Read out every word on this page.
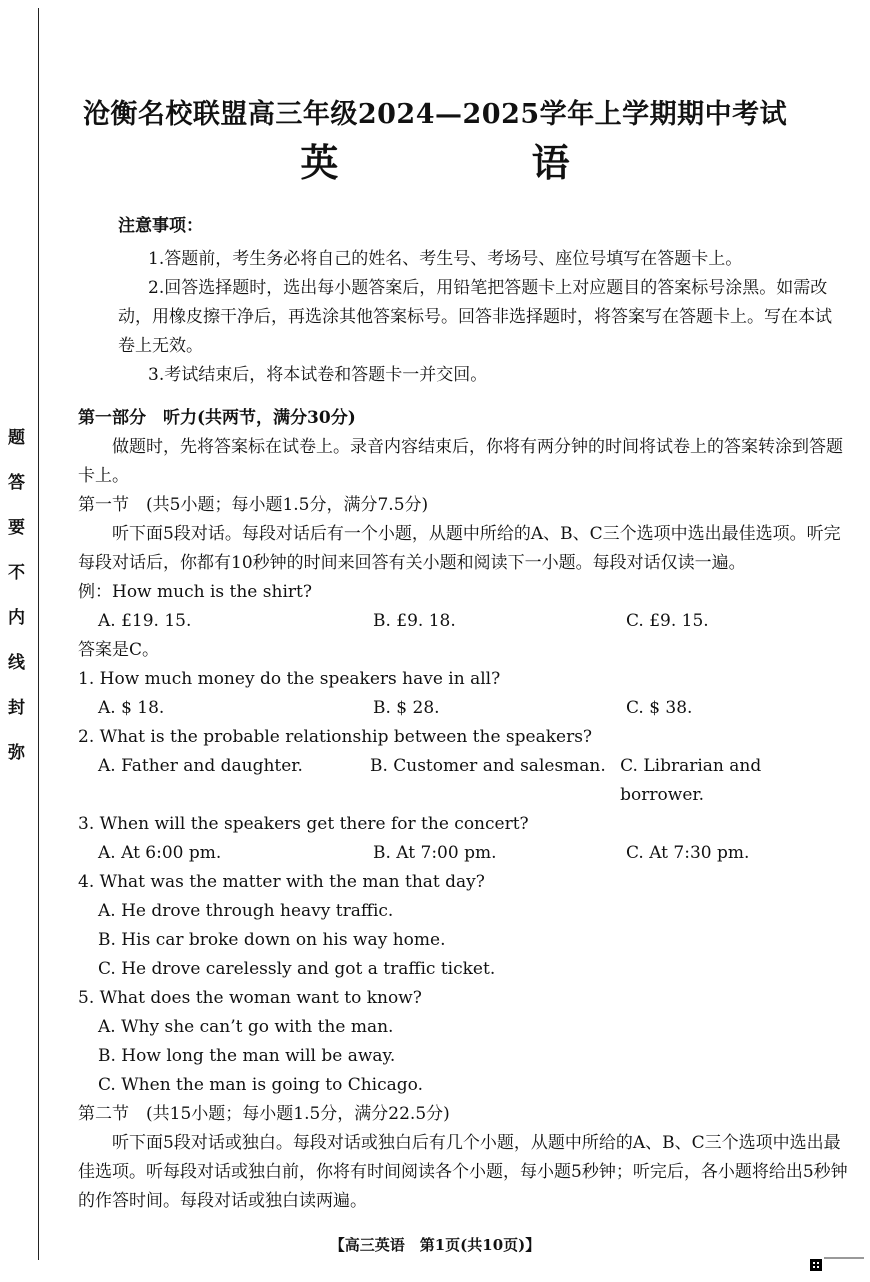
题
答
要
不
内
线
封
弥
沧衡名校联盟高三年级2024—2025学年上学期期中考试
英 语
注意事项：

1.答题前，考生务必将自己的姓名、考生号、考场号、座位号填写在答题卡上。

2.回答选择题时，选出每小题答案后，用铅笔把答题卡上对应题目的答案标号涂黑。如需改动，用橡皮擦干净后，再选涂其他答案标号。回答非选择题时，将答案写在答题卡上。写在本试卷上无效。

3.考试结束后，将本试卷和答题卡一并交回。

第一部分　听力(共两节，满分30分)

做题时，先将答案标在试卷上。录音内容结束后，你将有两分钟的时间将试卷上的答案转涂到答题卡上。

第一节　(共5小题；每小题1.5分，满分7.5分)

听下面5段对话。每段对话后有一个小题，从题中所给的A、B、C三个选项中选出最佳选项。听完每段对话后，你都有10秒钟的时间来回答有关小题和阅读下一小题。每段对话仅读一遍。

例：How much is the shirt?

A. £19. 15.	B. £9. 18.	C. £9. 15.

答案是C。

1. How much money do the speakers have in all?

A. $ 18.	B. $ 28.	C. $ 38.

2. What is the probable relationship between the speakers?

A. Father and daughter.	B. Customer and salesman. C. Librarian and borrower.

3. When will the speakers get there for the concert?

A. At 6:00 pm.	B. At 7:00 pm.	C. At 7:30 pm.

4. What was the matter with the man that day?

A. He drove through heavy traffic.

B. His car broke down on his way home.

C. He drove carelessly and got a traffic ticket.

5. What does the woman want to know?

A. Why she can’t go with the man.

B. How long the man will be away.

C. When the man is going to Chicago.

第二节　(共15小题；每小题1.5分，满分22.5分)

听下面5段对话或独白。每段对话或独白后有几个小题，从题中所给的A、B、C三个选项中选出最佳选项。听每段对话或独白前，你将有时间阅读各个小题，每小题5秒钟；听完后，各小题将给出5秒钟的作答时间。每段对话或独白读两遍。

【高三英语　第1页(共10页)】
